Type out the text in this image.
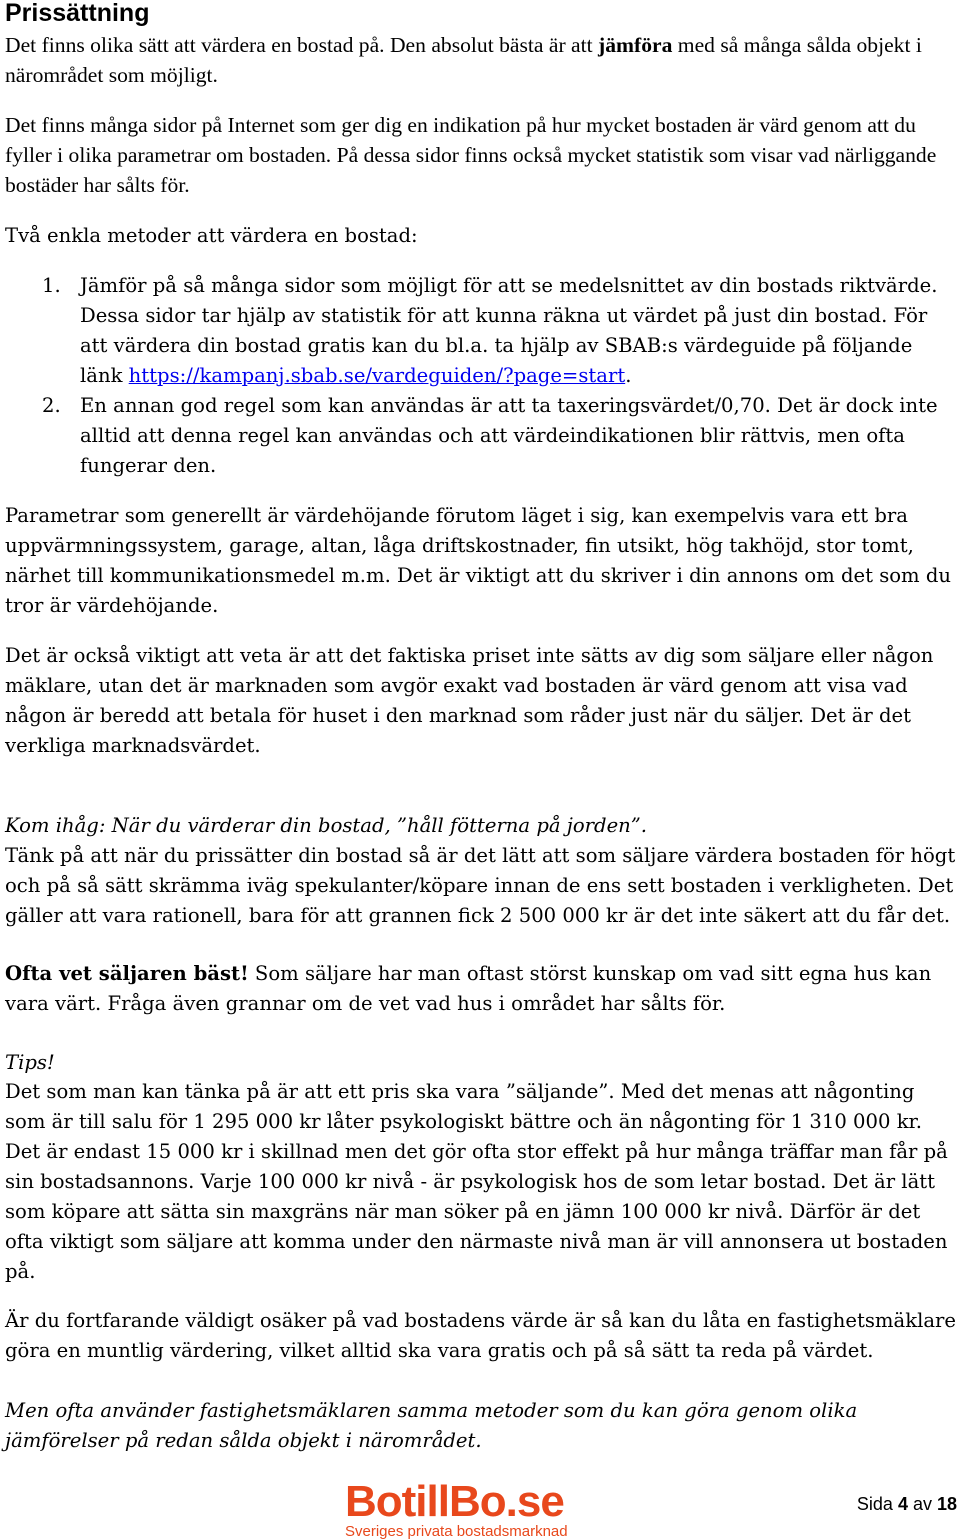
Prissättning

Det finns olika sätt att värdera en bostad på. Den absolut bästa är att jämföra med så många sålda objekt i närområdet som möjligt.

Det finns många sidor på Internet som ger dig en indikation på hur mycket bostaden är värd genom att du fyller i olika parametrar om bostaden. På dessa sidor finns också mycket statistik som visar vad närliggande bostäder har sålts för.

Två enkla metoder att värdera en bostad:

1. Jämför på så många sidor som möjligt för att se medelsnittet av din bostads riktvärde. Dessa sidor tar hjälp av statistik för att kunna räkna ut värdet på just din bostad. För att värdera din bostad gratis kan du bl.a. ta hjälp av SBAB:s värdeguide på följande länk https://kampanj.sbab.se/vardeguiden/?page=start.
2. En annan god regel som kan användas är att ta taxeringsvärdet/0,70. Det är dock inte alltid att denna regel kan användas och att värdeindikationen blir rättvis, men ofta fungerar den.

Parametrar som generellt är värdehöjande förutom läget i sig, kan exempelvis vara ett bra uppvärmningssystem, garage, altan, låga driftskostnader, fin utsikt, hög takhöjd, stor tomt, närhet till kommunikationsmedel m.m. Det är viktigt att du skriver i din annons om det som du tror är värdehöjande.

Det är också viktigt att veta är att det faktiska priset inte sätts av dig som säljare eller någon mäklare, utan det är marknaden som avgör exakt vad bostaden är värd genom att visa vad någon är beredd att betala för huset i den marknad som råder just när du säljer. Det är det verkliga marknadsvärdet.

Kom ihåg: När du värderar din bostad, ”håll fötterna på jorden”.

Tänk på att när du prissätter din bostad så är det lätt att som säljare värdera bostaden för högt och på så sätt skrämma iväg spekulanter/köpare innan de ens sett bostaden i verkligheten. Det gäller att vara rationell, bara för att grannen fick 2 500 000 kr är det inte säkert att du får det.

Ofta vet säljaren bäst! Som säljare har man oftast störst kunskap om vad sitt egna hus kan vara värt. Fråga även grannar om de vet vad hus i området har sålts för.

Tips!

Det som man kan tänka på är att ett pris ska vara ”säljande”. Med det menas att någonting som är till salu för 1 295 000 kr låter psykologiskt bättre och än någonting för 1 310 000 kr. Det är endast 15 000 kr i skillnad men det gör ofta stor effekt på hur många träffar man får på sin bostadsannons. Varje 100 000 kr nivå - är psykologisk hos de som letar bostad. Det är lätt som köpare att sätta sin maxgräns när man söker på en jämn 100 000 kr nivå. Därför är det ofta viktigt som säljare att komma under den närmaste nivå man är vill annonsera ut bostaden på.

Är du fortfarande väldigt osäker på vad bostadens värde är så kan du låta en fastighetsmäklare göra en muntlig värdering, vilket alltid ska vara gratis och på så sätt ta reda på värdet.

Men ofta använder fastighetsmäklaren samma metoder som du kan göra genom olika jämförelser på redan sålda objekt i närområdet.

BotillBo.se
Sveriges privata bostadsmarknad
Sida 4 av 18
